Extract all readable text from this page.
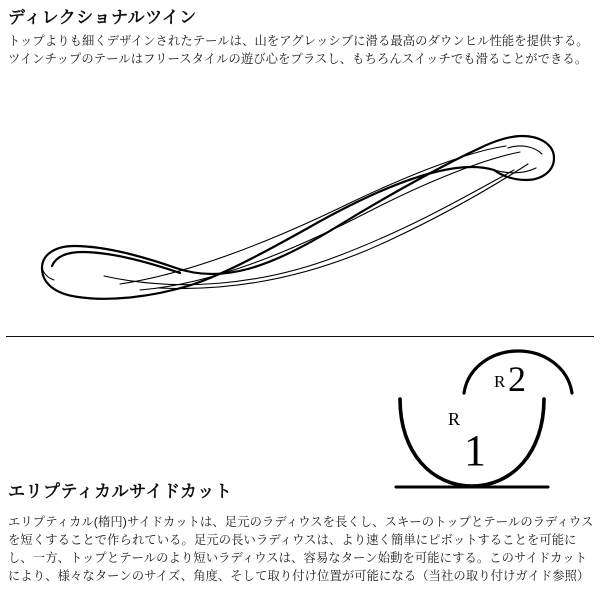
ディレクショナルツイン

トップよりも細くデザインされたテールは、山をアグレッシブに滑る最高のダウンヒル性能を提供する。ツインチップのテールはフリースタイルの遊び心をプラスし、もちろんスイッチでも滑ることができる。

R 2
R
1
エリプティカルサイドカット

エリプティカル(楕円)サイドカットは、足元のラディウスを長くし、スキーのトップとテールのラディウスを短くすることで作られている。足元の長いラディウスは、より速く簡単にピボットすることを可能にし、一方、トップとテールのより短いラディウスは、容易なターン始動を可能にする。このサイドカットにより、様々なターンのサイズ、角度、そして取り付け位置が可能になる（当社の取り付けガイド参照）
